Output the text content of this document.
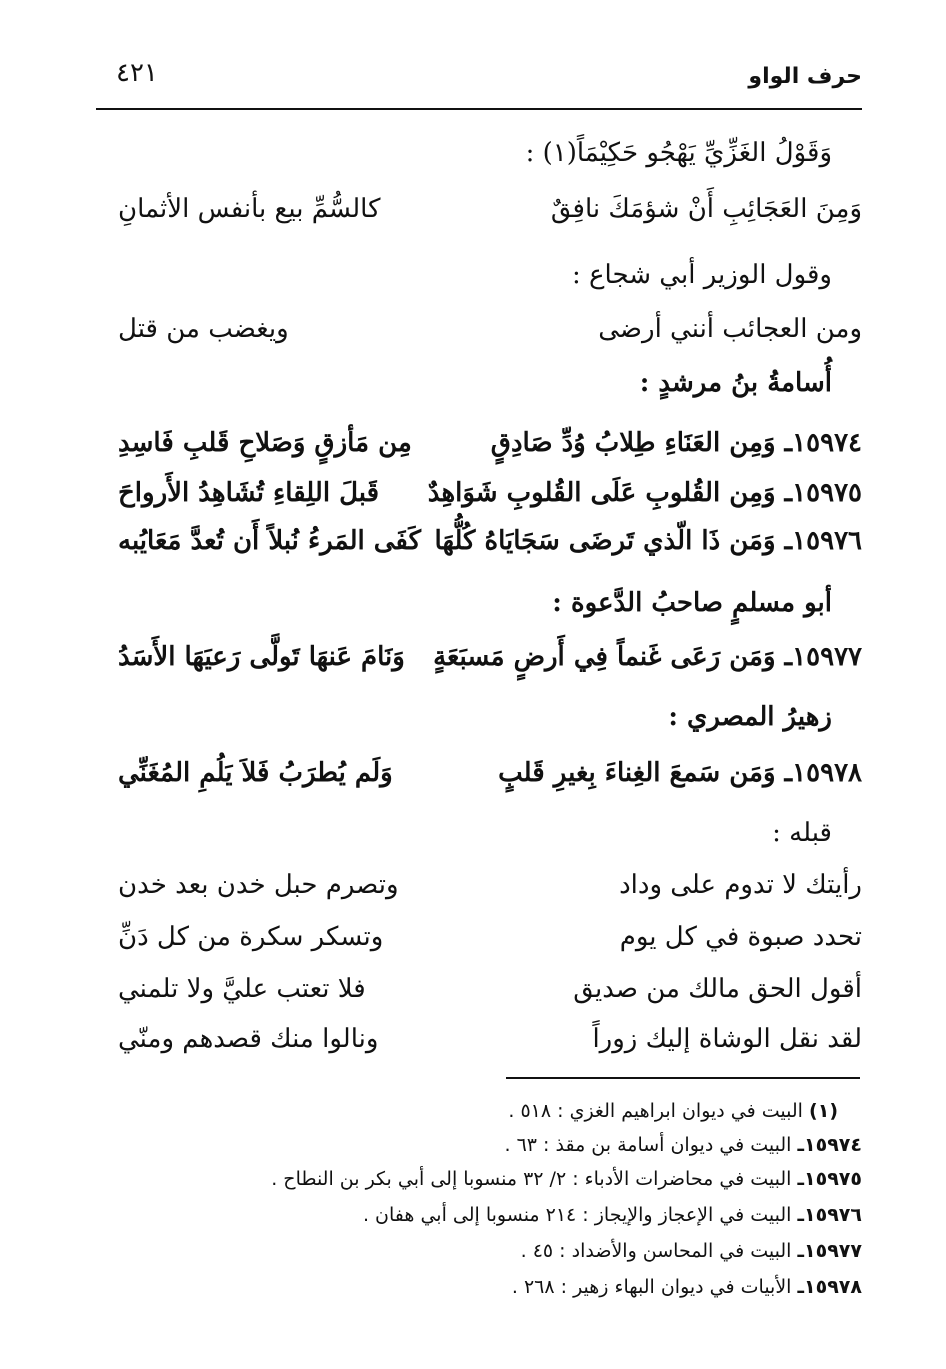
حرف الواو
٤٢١
وَقَوْلُ الغَزِّيِّ يَهْجُو حَكِيْمَاً(١) :
وَمِنَ العَجَائِبِ أَنْ شؤمَكَ نافِقٌ
كالسُّمِّ بيع بأنفس الأثمانِ
وقول الوزير أبي شجاع :
ومن العجائب أنني أرضى
ويغضب من قتل
أُسامةُ بنُ مرشدٍ :
١٥٩٧٤ـ وَمِن العَنَاءِ طِلابُ وُدِّ صَادِقٍ
مِن مَأزقٍ وَصَلاحِ قَلبِ فَاسِدِ
١٥٩٧٥ـ وَمِن القُلوبِ عَلَى القُلوبِ شَوَاهِدٌ
قَبلَ اللِقاءِ تُشَاهِدُ الأَرواحَ
١٥٩٧٦ـ وَمَن ذَا الّذي تَرضَى سَجَايَاهُ كُلُّهَا
كَفَى المَرءُ نُبلاً أَن تُعدَّ مَعَايُبه
أبو مسلمٍ صاحبُ الدَّعوة :
١٥٩٧٧ـ وَمَن رَعَى غَنماً فِي أَرضٍ مَسبَعَةٍ
وَنَامَ عَنهَا تَولَّى رَعيَهَا الأَسَدُ
زهيرُ المصري :
١٥٩٧٨ـ وَمَن سَمعَ الغِناءَ بِغيرِ قَلبٍ
وَلَم يُطرَبُ فَلاَ يَلُمِ المُغَنِّي
قبله :
رأيتك لا تدوم على وداد
وتصرم حبل خدن بعد خدن
تحدد صبوة في كل يوم
وتسكر سكرة من كل دَنِّ
أقول الحق مالك من صديق
فلا تعتب عليَّ ولا تلمني
لقد نقل الوشاة إليك زوراً
ونالوا منك قصدهم ومنّي
(١) البيت في ديوان ابراهيم الغزي : ٥١٨ .
١٥٩٧٤ـ البيت في ديوان أسامة بن مقذ : ٦٣ .
١٥٩٧٥ـ البيت في محاضرات الأدباء : ٢/ ٣٢ منسوبا إلى أبي بكر بن النطاح .
١٥٩٧٦ـ البيت في الإعجاز والإيجاز : ٢١٤ منسوبا إلى أبي هفان .
١٥٩٧٧ـ البيت في المحاسن والأضداد : ٤٥ .
١٥٩٧٨ـ الأبيات في ديوان البهاء زهير : ٢٦٨ .
